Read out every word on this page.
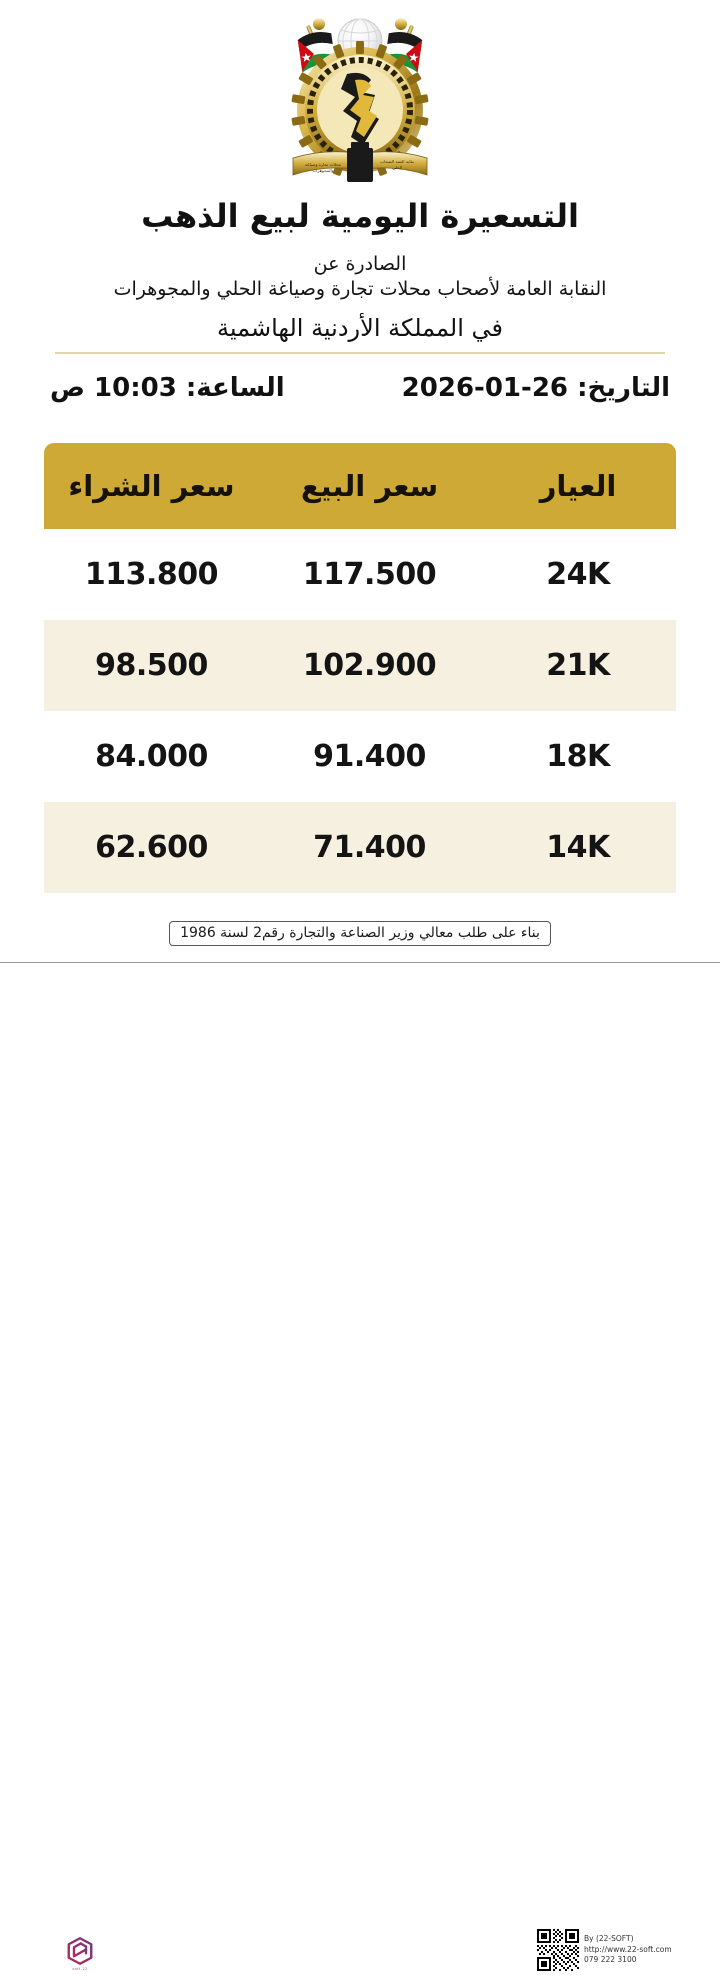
محلات تجارة وصياغة
والمجوهرات
نقابة العمة الصحاب
الحلي
التسعيرة اليومية لبيع الذهب
الصادرة عن
النقابة العامة لأصحاب محلات تجارة وصياغة الحلي والمجوهرات
في المملكة الأردنية الهاشمية
التاريخ: 26-01-2026
الساعة: 10:03 ص
العيار
سعر البيع
سعر الشراء
24K
117.500
113.800
21K
102.900
98.500
18K
91.400
84.000
14K
71.400
62.600
بناء على طلب معالي وزير الصناعة والتجارة رقم2 لسنة 1986
22-soft
By (22-SOFT)
http://www.22-soft.com
079 222 3100
